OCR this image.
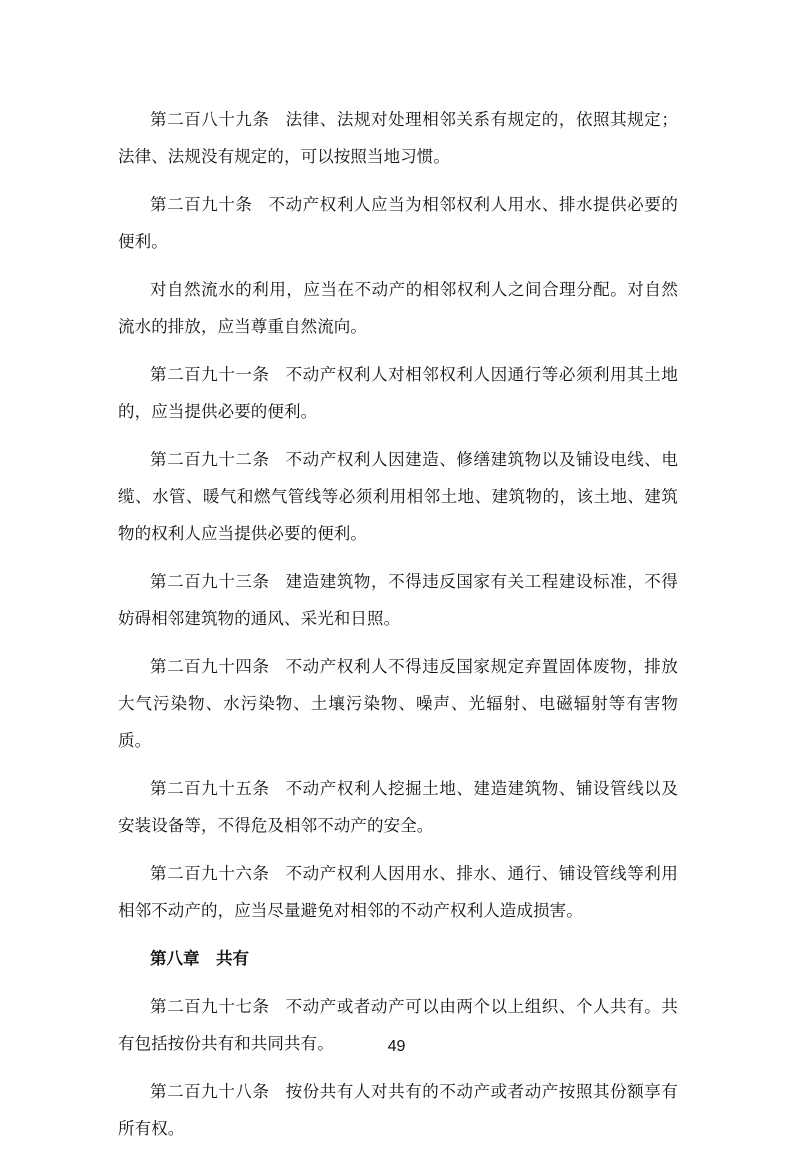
第二百八十九条 法律、法规对处理相邻关系有规定的，依照其规定；法律、法规没有规定的，可以按照当地习惯。

第二百九十条 不动产权利人应当为相邻权利人用水、排水提供必要的便利。

对自然流水的利用，应当在不动产的相邻权利人之间合理分配。对自然流水的排放，应当尊重自然流向。

第二百九十一条 不动产权利人对相邻权利人因通行等必须利用其土地的，应当提供必要的便利。

第二百九十二条 不动产权利人因建造、修缮建筑物以及铺设电线、电缆、水管、暖气和燃气管线等必须利用相邻土地、建筑物的，该土地、建筑物的权利人应当提供必要的便利。

第二百九十三条 建造建筑物，不得违反国家有关工程建设标准，不得妨碍相邻建筑物的通风、采光和日照。

第二百九十四条 不动产权利人不得违反国家规定弃置固体废物，排放大气污染物、水污染物、土壤污染物、噪声、光辐射、电磁辐射等有害物质。

第二百九十五条 不动产权利人挖掘土地、建造建筑物、铺设管线以及安装设备等，不得危及相邻不动产的安全。

第二百九十六条 不动产权利人因用水、排水、通行、铺设管线等利用相邻不动产的，应当尽量避免对相邻的不动产权利人造成损害。

第八章　共有

第二百九十七条 不动产或者动产可以由两个以上组织、个人共有。共有包括按份共有和共同共有。

第二百九十八条 按份共有人对共有的不动产或者动产按照其份额享有所有权。

49
